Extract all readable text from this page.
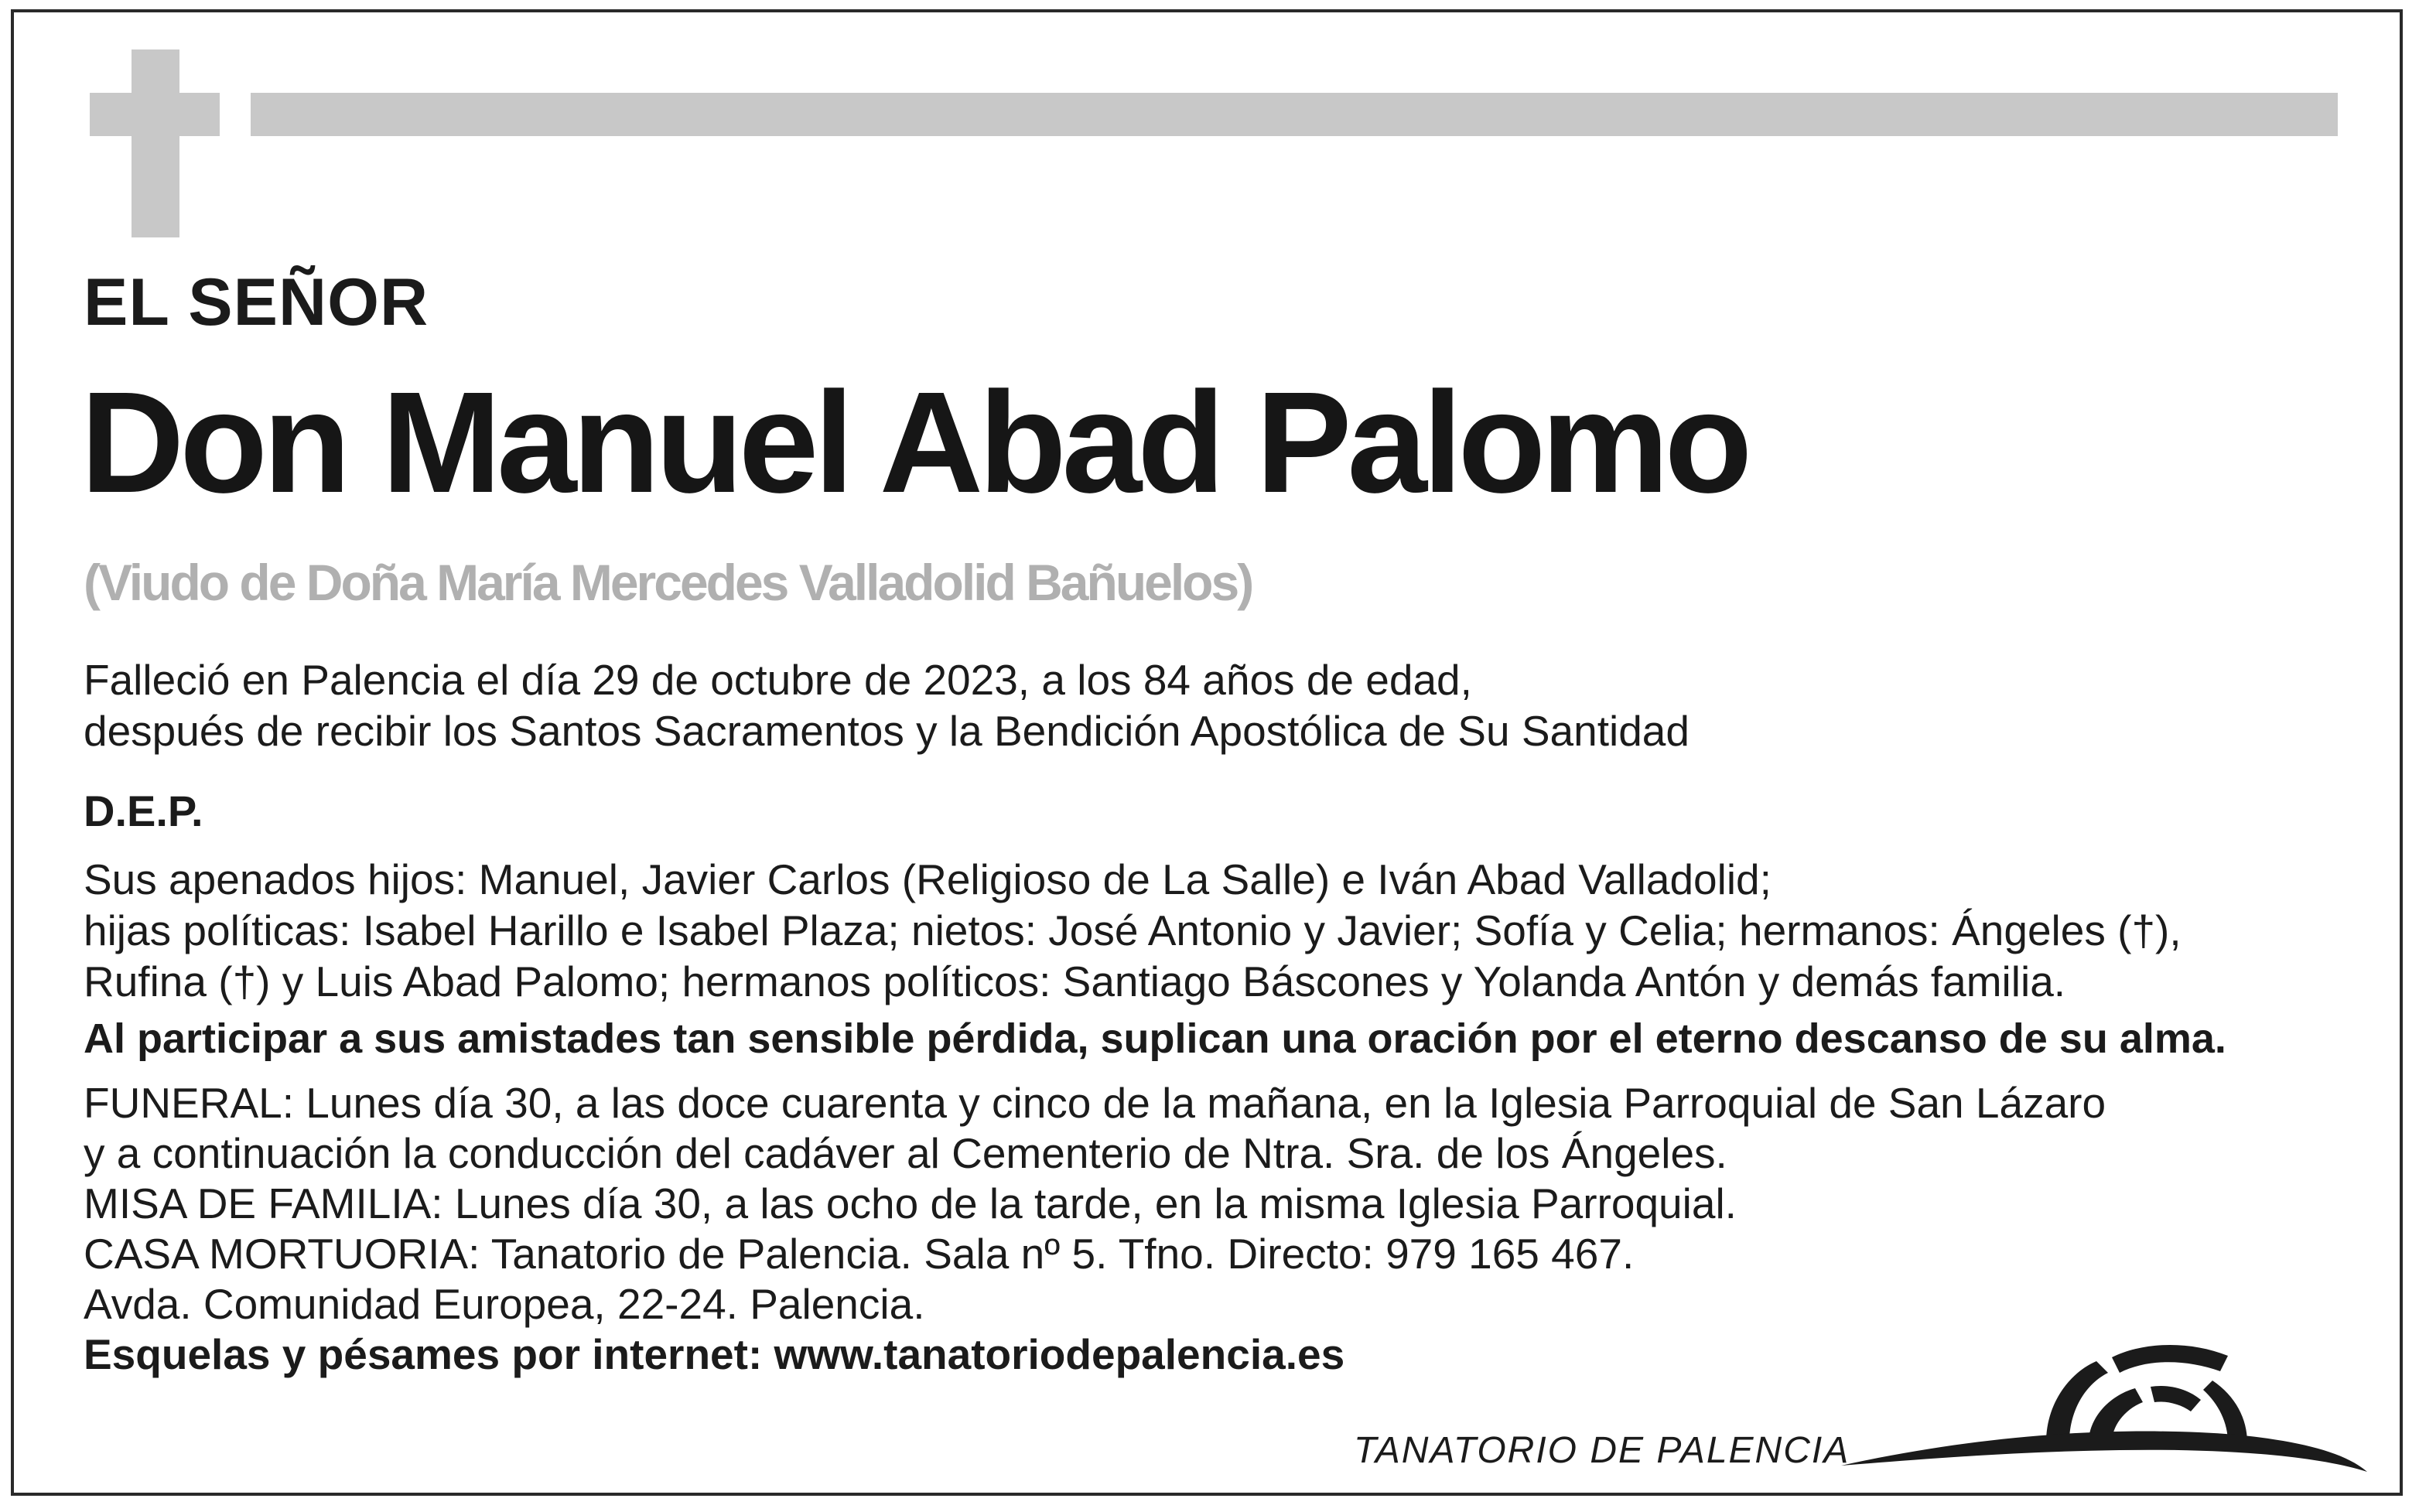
EL SEÑOR
Don Manuel Abad Palomo
(Viudo de Doña María Mercedes Valladolid Bañuelos)
Falleció en Palencia el día 29 de octubre de 2023, a los 84 años de edad,
después de recibir los Santos Sacramentos y la Bendición Apostólica de Su Santidad
D.E.P.
Sus apenados hijos: Manuel, Javier Carlos (Religioso de La Salle) e Iván Abad Valladolid;
hijas políticas: Isabel Harillo e Isabel Plaza; nietos: José Antonio y Javier; Sofía y Celia; hermanos: Ángeles (†),
Rufina (†) y Luis Abad Palomo; hermanos políticos: Santiago Báscones y Yolanda Antón y demás familia.
Al participar a sus amistades tan sensible pérdida, suplican una oración por el eterno descanso de su alma.
FUNERAL: Lunes día 30, a las doce cuarenta y cinco de la mañana, en la Iglesia Parroquial de San Lázaro
y a continuación la conducción del cadáver al Cementerio de Ntra. Sra. de los Ángeles.
MISA DE FAMILIA: Lunes día 30, a las ocho de la tarde, en la misma Iglesia Parroquial.
CASA MORTUORIA: Tanatorio de Palencia. Sala nº 5. Tfno. Directo: 979 165 467.
Avda. Comunidad Europea, 22-24. Palencia.
Esquelas y pésames por internet: www.tanatoriodepalencia.es
TANATORIO DE PALENCIA
